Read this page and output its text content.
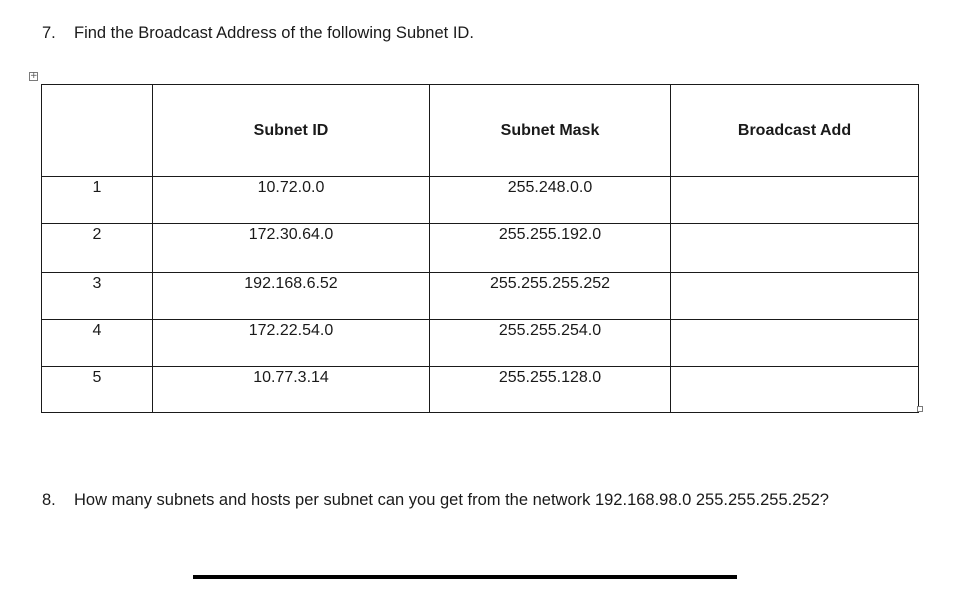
7. Find the Broadcast Address of the following Subnet ID.
+
	Subnet ID	Subnet Mask	Broadcast Add
1	10.72.0.0	255.248.0.0	
2	172.30.64.0	255.255.192.0	
3	192.168.6.52	255.255.255.252	
4	172.22.54.0	255.255.254.0	
5	10.77.3.14	255.255.128.0	
8. How many subnets and hosts per subnet can you get from the network 192.168.98.0 255.255.255.252?
